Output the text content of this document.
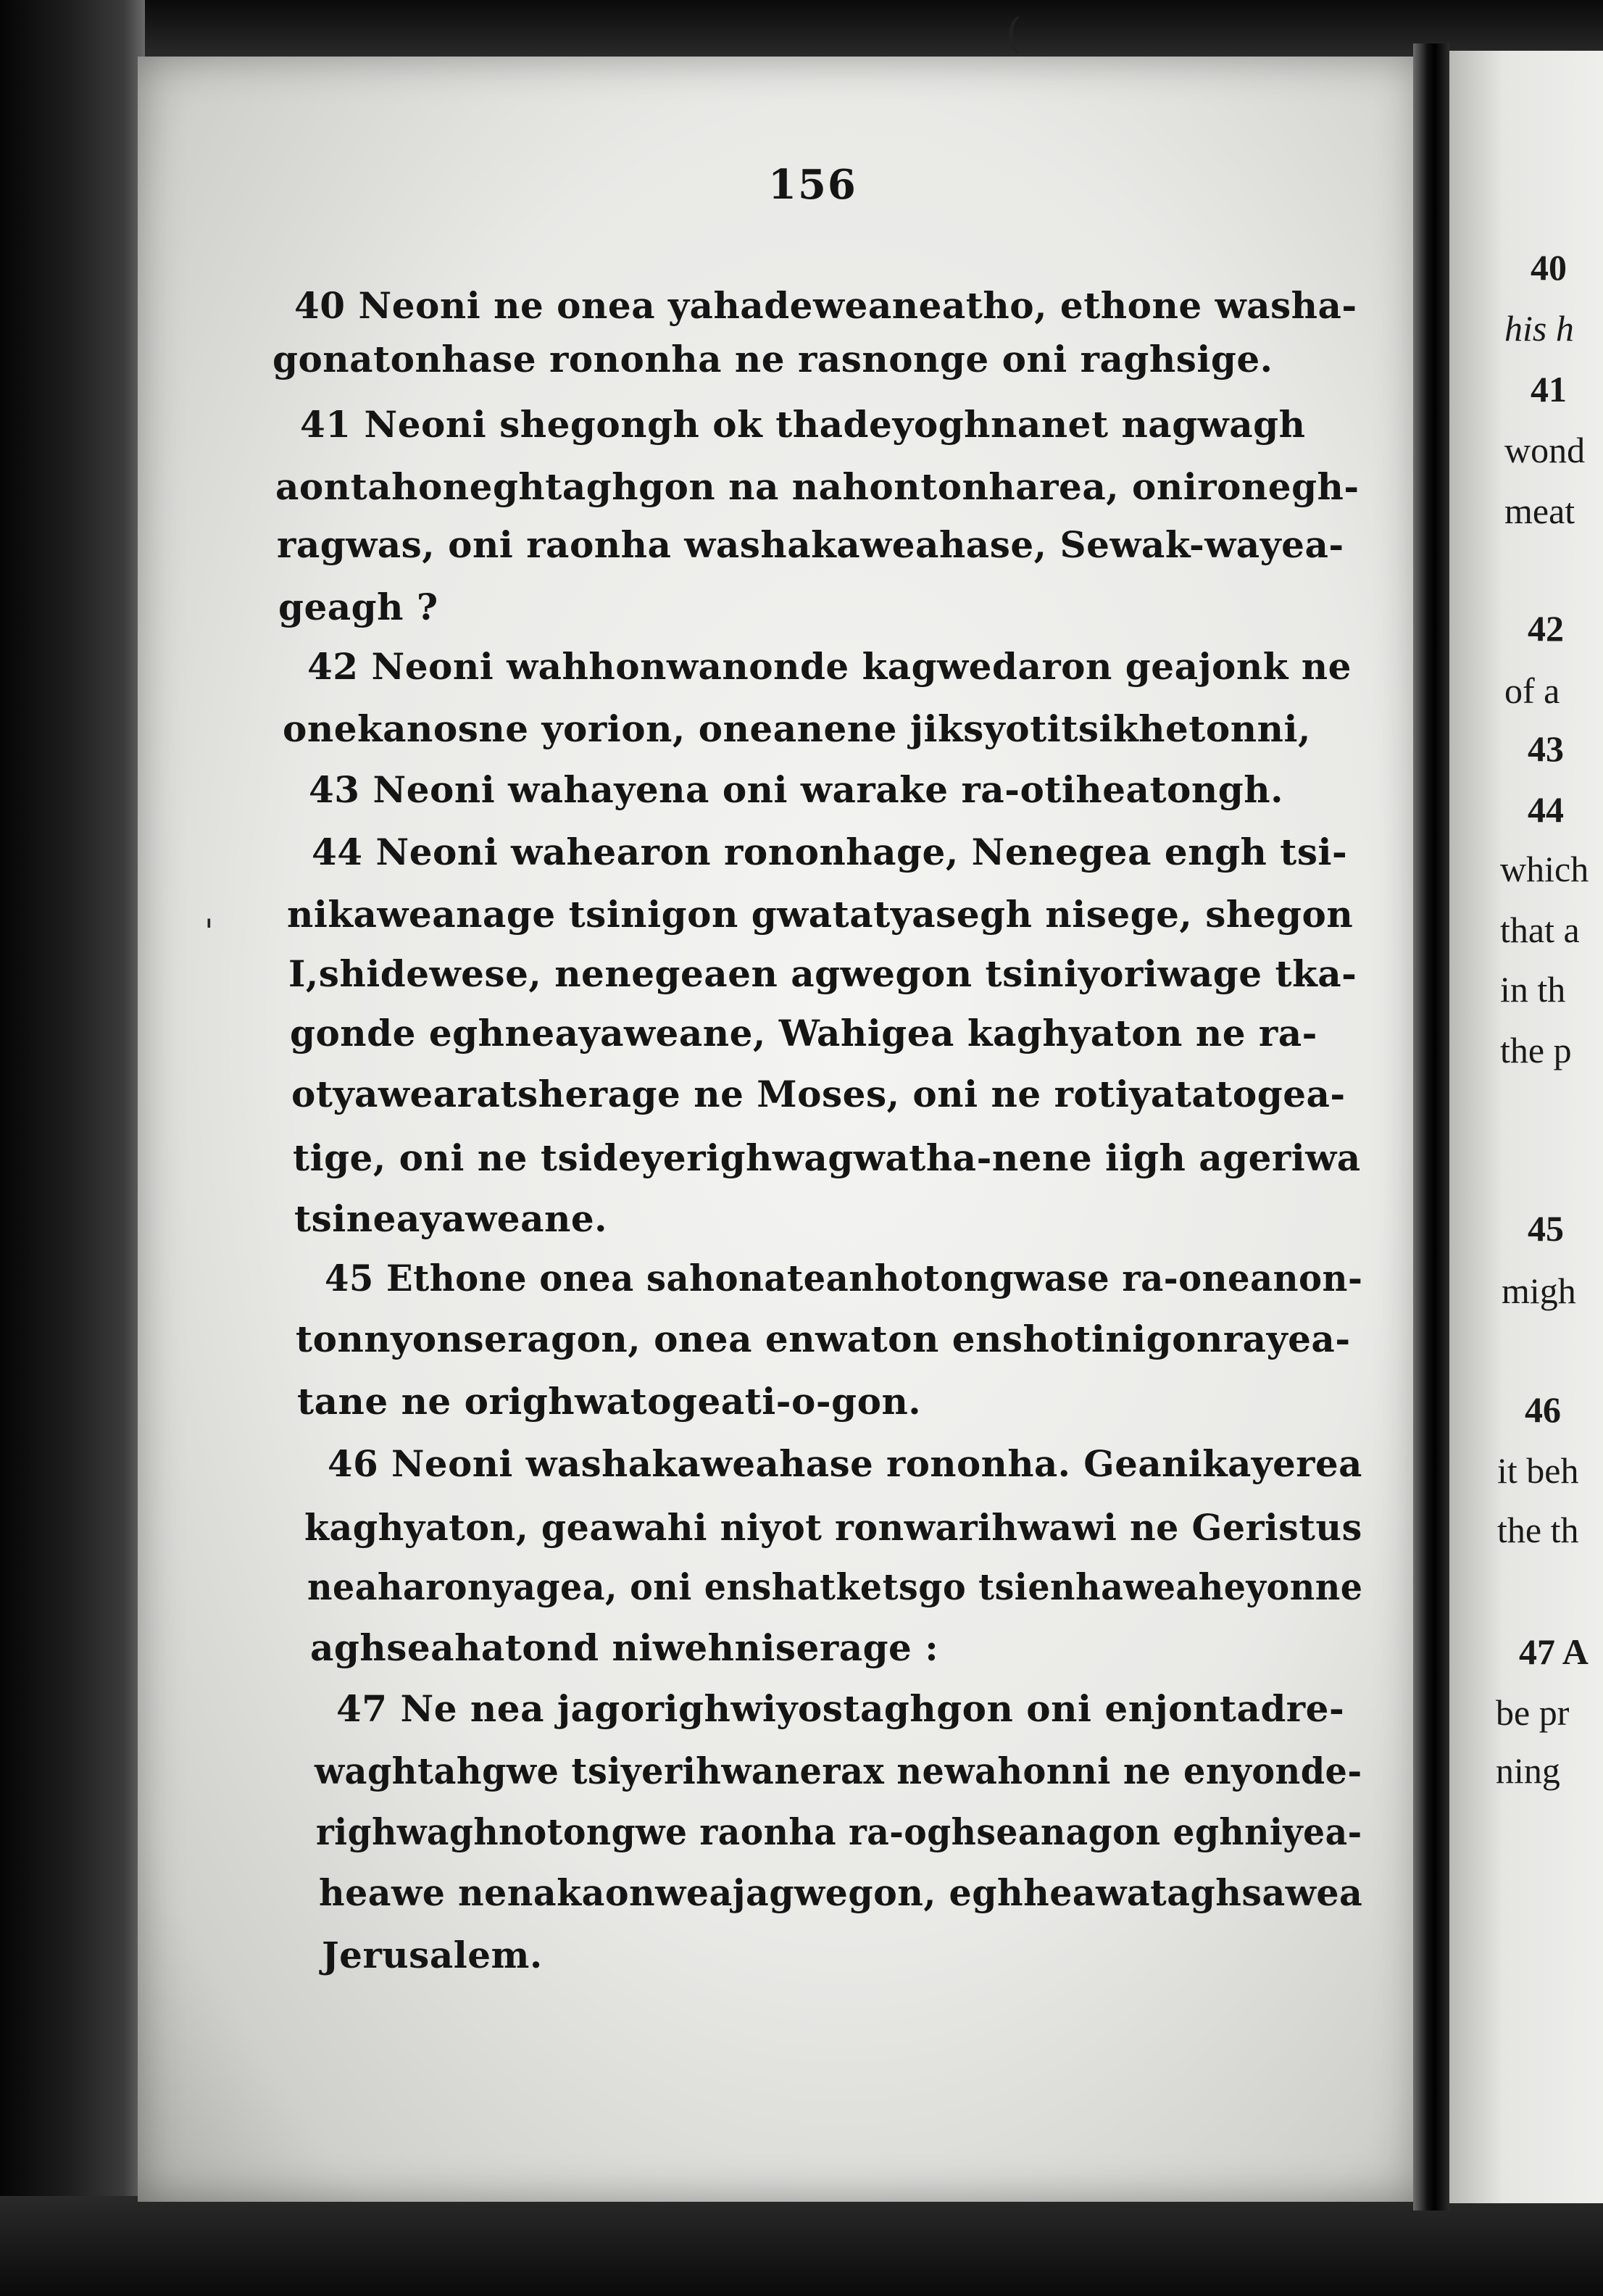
(
'
156
40 Neoni ne onea yahadeweaneatho, ethone washa-
gonatonhase rononha ne rasnonge oni raghsige.
41 Neoni shegongh ok thadeyoghnanet nagwagh
aontahoneghtaghgon na nahontonharea, onironegh-
ragwas, oni raonha washakaweahase, Sewak-wayea-
geagh ?
42 Neoni wahhonwanonde kagwedaron geajonk ne
onekanosne yorion, oneanene jiksyotitsikhetonni,
43 Neoni wahayena oni warake ra-otiheatongh.
44 Neoni wahearon rononhage, Nenegea engh tsi-
nikaweanage tsinigon gwatatyasegh nisege, shegon
I,shidewese, nenegeaen agwegon tsiniyoriwage tka-
gonde eghneayaweane, Wahigea kaghyaton ne ra-
otyawearatsherage ne Moses, oni ne rotiyatatogea-
tige, oni ne tsideyerighwagwatha-nene iigh ageriwa
tsineayaweane.
45 Ethone onea sahonateanhotongwase ra-oneanon-
tonnyonseragon, onea enwaton enshotinigonrayea-
tane ne orighwatogeati-o-gon.
46 Neoni washakaweahase rononha. Geanikayerea
kaghyaton, geawahi niyot ronwarihwawi ne Geristus
neaharonyagea, oni enshatketsgo tsienhaweaheyonne
aghseahatond niwehniserage :
47 Ne nea jagorighwiyostaghgon oni enjontadre-
waghtahgwe tsiyerihwanerax newahonni ne enyonde-
righwaghnotongwe raonha ra-oghseanagon eghniyea-
heawe nenakaonweajagwegon, eghheawataghsawea
Jerusalem.
40
his h
41
wond
meat
42
of a
43
44
which
that a
in th
the p
45
migh
46
it beh
the th
47 A
be pr
ning
